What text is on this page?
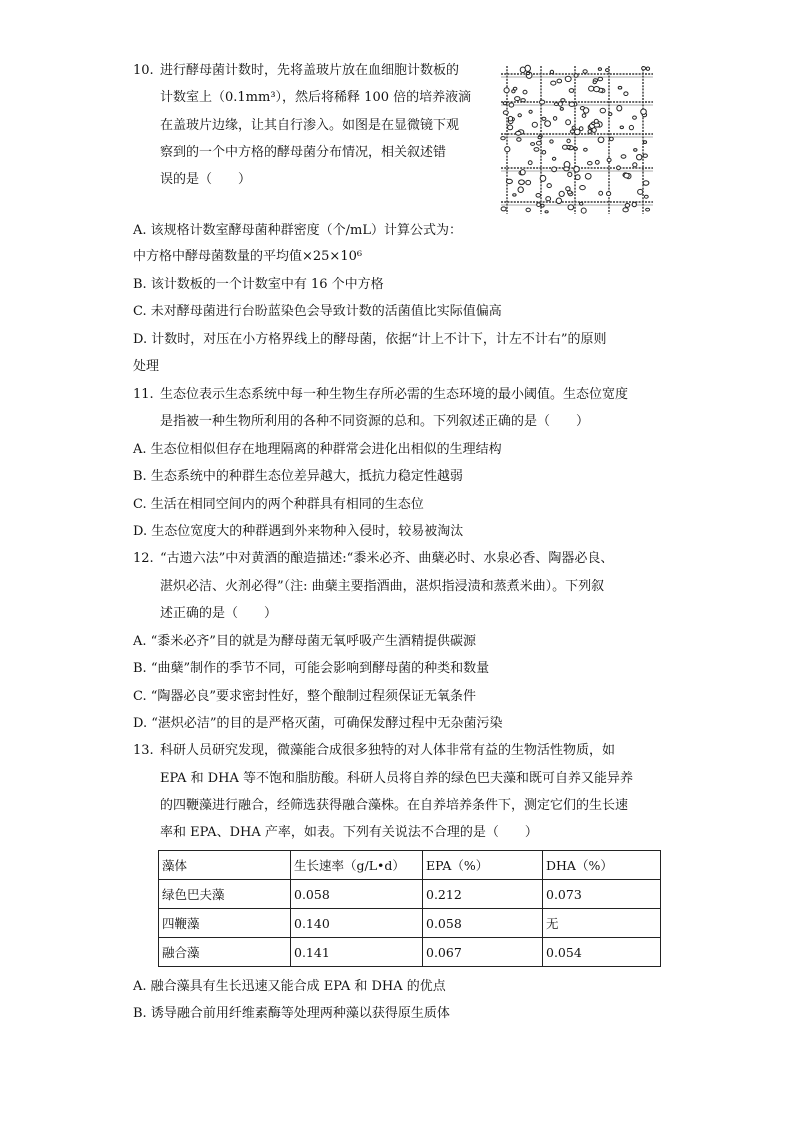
10. 进行酵母菌计数时，先将盖玻片放在血细胞计数板的
计数室上（0.1mm³），然后将稀释 100 倍的培养液滴
在盖玻片边缘，让其自行渗入。如图是在显微镜下观
察到的一个中方格的酵母菌分布情况，相关叙述错
误的是（　　）
A. 该规格计数室酵母菌种群密度（个/mL）计算公式为：
中方格中酵母菌数量的平均值×25×10⁶
B. 该计数板的一个计数室中有 16 个中方格
C. 未对酵母菌进行台盼蓝染色会导致计数的活菌值比实际值偏高
D. 计数时，对压在小方格界线上的酵母菌，依据“计上不计下，计左不计右”的原则
处理
11. 生态位表示生态系统中每一种生物生存所必需的生态环境的最小阈值。生态位宽度
是指被一种生物所利用的各种不同资源的总和。下列叙述正确的是（　　）
A. 生态位相似但存在地理隔离的种群常会进化出相似的生理结构
B. 生态系统中的种群生态位差异越大，抵抗力稳定性越弱
C. 生活在相同空间内的两个种群具有相同的生态位
D. 生态位宽度大的种群遇到外来物种入侵时，较易被淘汰
12. “古遗六法”中对黄酒的酿造描述:“黍米必齐、曲蘖必时、水泉必香、陶器必良、
湛炽必洁、火剂必得”（注: 曲蘖主要指酒曲，湛炽指浸渍和蒸煮米曲）。下列叙
述正确的是（　　）
A. “黍米必齐”目的就是为酵母菌无氧呼吸产生酒精提供碳源
B. “曲蘖”制作的季节不同，可能会影响到酵母菌的种类和数量
C. “陶器必良”要求密封性好，整个酿制过程须保证无氧条件
D. “湛炽必洁”的目的是严格灭菌，可确保发酵过程中无杂菌污染
13. 科研人员研究发现，微藻能合成很多独特的对人体非常有益的生物活性物质，如
EPA 和 DHA 等不饱和脂肪酸。科研人员将自养的绿色巴夫藻和既可自养又能异养
的四鞭藻进行融合，经筛选获得融合藻株。在自养培养条件下，测定它们的生长速
率和 EPA、DHA 产率，如表。下列有关说法不合理的是（　　）
藻体	生长速率（g/L•d）	EPA（%）	DHA（%）
绿色巴夫藻	0.058	0.212	0.073
四鞭藻	0.140	0.058	无
融合藻	0.141	0.067	0.054
A. 融合藻具有生长迅速又能合成 EPA 和 DHA 的优点
B. 诱导融合前用纤维素酶等处理两种藻以获得原生质体
